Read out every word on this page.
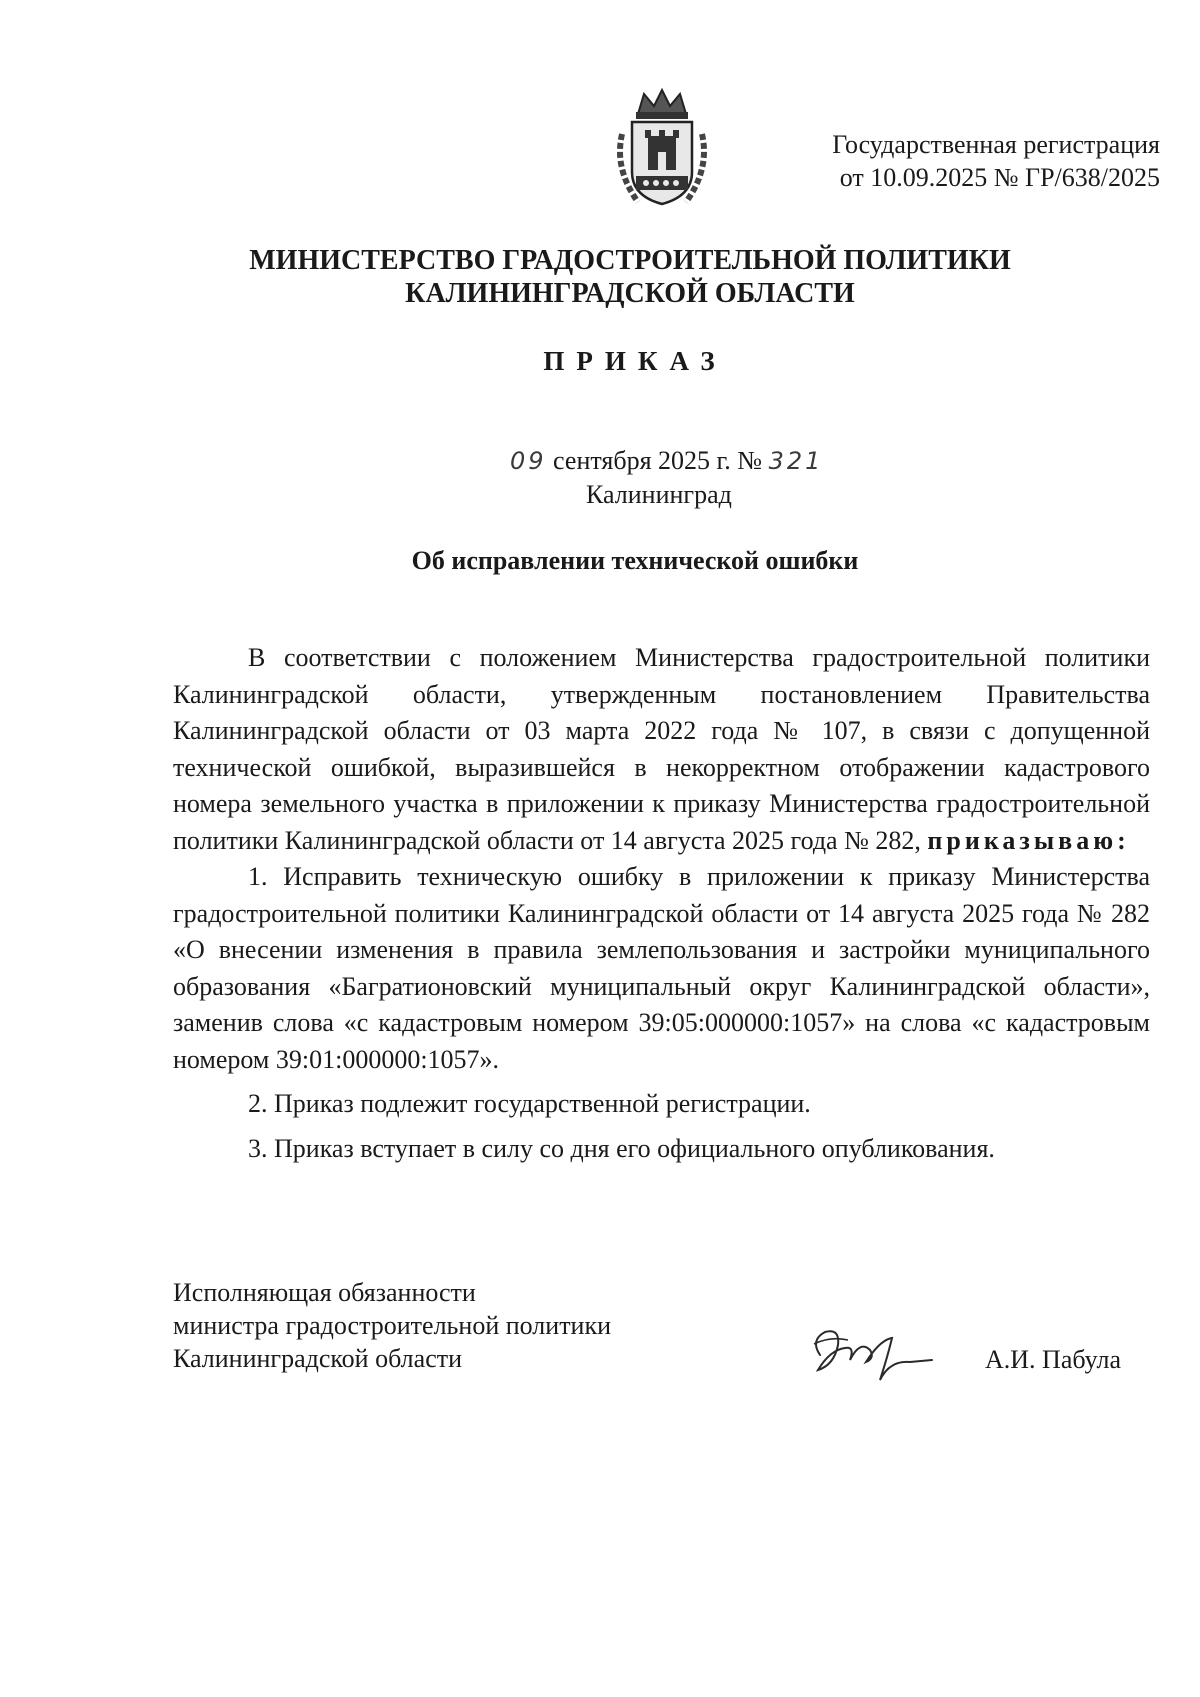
Государственная регистрация
от 10.09.2025 № ГР/638/2025
МИНИСТЕРСТВО ГРАДОСТРОИТЕЛЬНОЙ ПОЛИТИКИ
КАЛИНИНГРАДСКОЙ ОБЛАСТИ
ПРИКАЗ
09 сентября 2025 г. № 321
Калининград
Об исправлении технической ошибки

В соответствии с положением Министерства градостроительной политики Калининградской области, утвержденным постановлением Правительства Калининградской области от 03 марта 2022 года № 107, в связи с допущенной технической ошибкой, выразившейся в некорректном отображении кадастрового номера земельного участка в приложении к приказу Министерства градостроительной политики Калининградской области от 14 августа 2025 года № 282, приказываю:

1. Исправить техническую ошибку в приложении к приказу Министерства градостроительной политики Калининградской области от 14 августа 2025 года № 282 «О внесении изменения в правила землепользования и застройки муниципального образования «Багратионовский муниципальный округ Калининградской области», заменив слова «с кадастровым номером 39:05:000000:1057» на слова «с кадастровым номером 39:01:000000:1057».

2. Приказ подлежит государственной регистрации.

3. Приказ вступает в силу со дня его официального опубликования.

Исполняющая обязанности
министра градостроительной политики
Калининградской области	А.И. Пабула
